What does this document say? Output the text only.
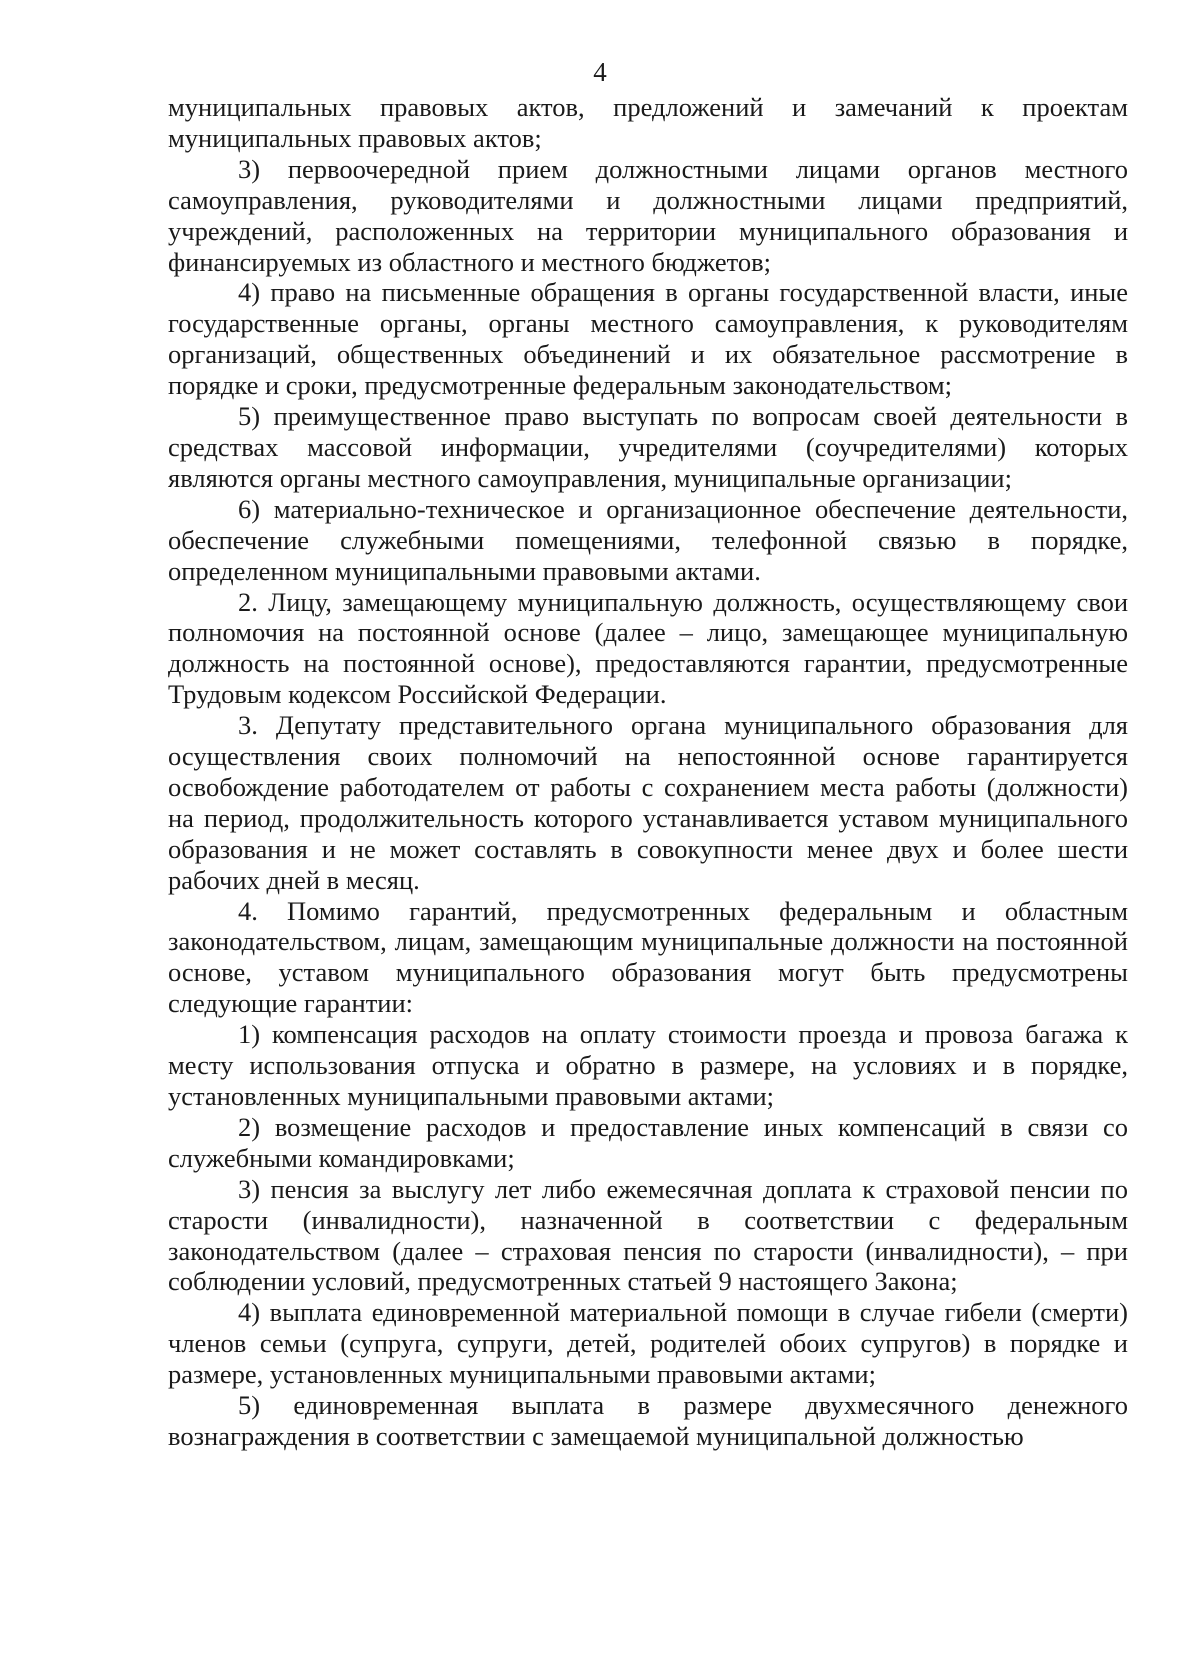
4

муниципальных правовых актов, предложений и замечаний к проектам муниципальных правовых актов;

3) первоочередной прием должностными лицами органов местного самоуправления, руководителями и должностными лицами предприятий, учреждений, расположенных на территории муниципального образования и финансируемых из областного и местного бюджетов;

4) право на письменные обращения в органы государственной власти, иные государственные органы, органы местного самоуправления, к руководителям организаций, общественных объединений и их обязательное рассмотрение в порядке и сроки, предусмотренные федеральным законодательством;

5) преимущественное право выступать по вопросам своей деятельности в средствах массовой информации, учредителями (соучредителями) которых являются органы местного самоуправления, муниципальные организации;

6) материально-техническое и организационное обеспечение деятельности, обеспечение служебными помещениями, телефонной связью в порядке, определенном муниципальными правовыми актами.

2. Лицу, замещающему муниципальную должность, осуществляющему свои полномочия на постоянной основе (далее – лицо, замещающее муниципальную должность на постоянной основе), предоставляются гарантии, предусмотренные Трудовым кодексом Российской Федерации.

3. Депутату представительного органа муниципального образования для осуществления своих полномочий на непостоянной основе гарантируется освобождение работодателем от работы с сохранением места работы (должности) на период, продолжительность которого устанавливается уставом муниципального образования и не может составлять в совокупности менее двух и более шести рабочих дней в месяц.

4. Помимо гарантий, предусмотренных федеральным и областным законодательством, лицам, замещающим муниципальные должности на постоянной основе, уставом муниципального образования могут быть предусмотрены следующие гарантии:

1) компенсация расходов на оплату стоимости проезда и провоза багажа к месту использования отпуска и обратно в размере, на условиях и в порядке, установленных муниципальными правовыми актами;

2) возмещение расходов и предоставление иных компенсаций в связи со служебными командировками;

3) пенсия за выслугу лет либо ежемесячная доплата к страховой пенсии по старости (инвалидности), назначенной в соответствии с федеральным законодательством (далее – страховая пенсия по старости (инвалидности), – при соблюдении условий, предусмотренных статьей 9 настоящего Закона;

4) выплата единовременной материальной помощи в случае гибели (смерти) членов семьи (супруга, супруги, детей, родителей обоих супругов) в порядке и размере, установленных муниципальными правовыми актами;

5) единовременная выплата в размере двухмесячного денежного вознаграждения в соответствии с замещаемой муниципальной должностью
